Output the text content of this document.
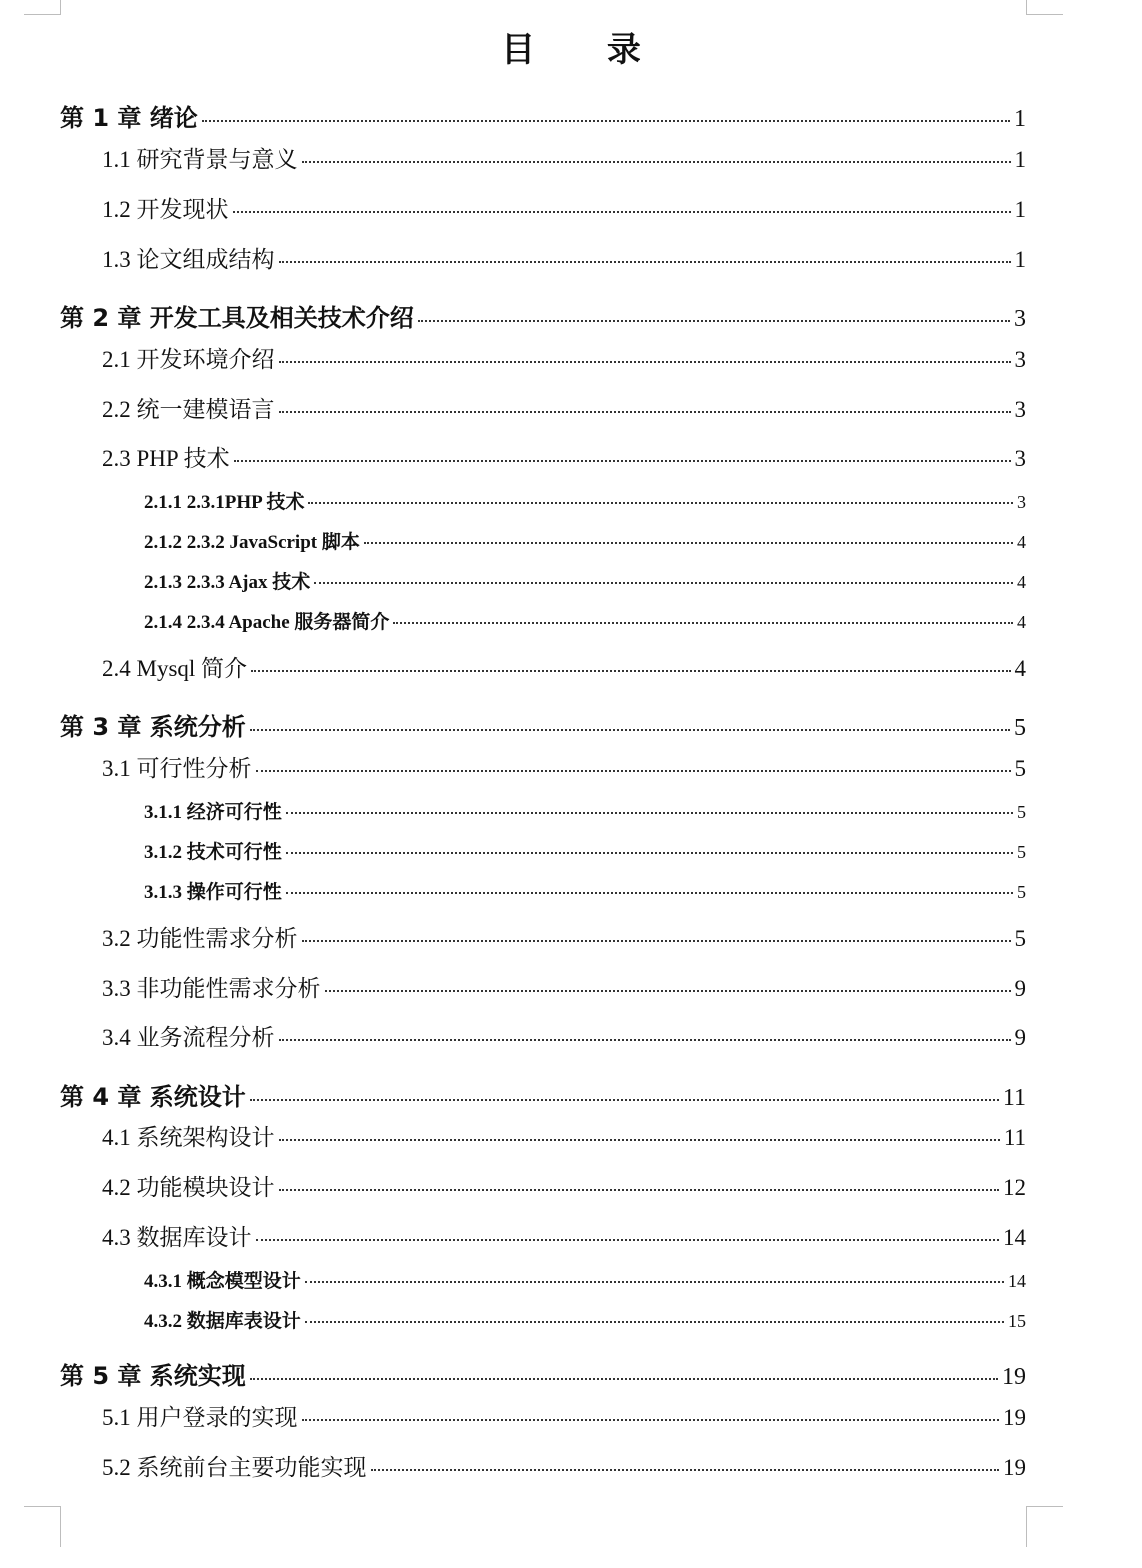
目 录
第 1 章 绪论	1
1.1 研究背景与意义	1
1.2 开发现状	1
1.3 论文组成结构	1
第 2 章 开发工具及相关技术介绍	3
2.1 开发环境介绍	3
2.2 统一建模语言	3
2.3 PHP 技术	3
2.1.1 2.3.1PHP 技术	3
2.1.2 2.3.2 JavaScript 脚本	4
2.1.3 2.3.3 Ajax 技术	4
2.1.4 2.3.4 Apache 服务器简介	4
2.4 Mysql 简介	4
第 3 章 系统分析	5
3.1 可行性分析	5
3.1.1 经济可行性	5
3.1.2 技术可行性	5
3.1.3 操作可行性	5
3.2 功能性需求分析	5
3.3 非功能性需求分析	9
3.4 业务流程分析	9
第 4 章 系统设计	11
4.1 系统架构设计	11
4.2 功能模块设计	12
4.3 数据库设计	14
4.3.1 概念模型设计	14
4.3.2 数据库表设计	15
第 5 章 系统实现	19
5.1 用户登录的实现	19
5.2 系统前台主要功能实现	19
